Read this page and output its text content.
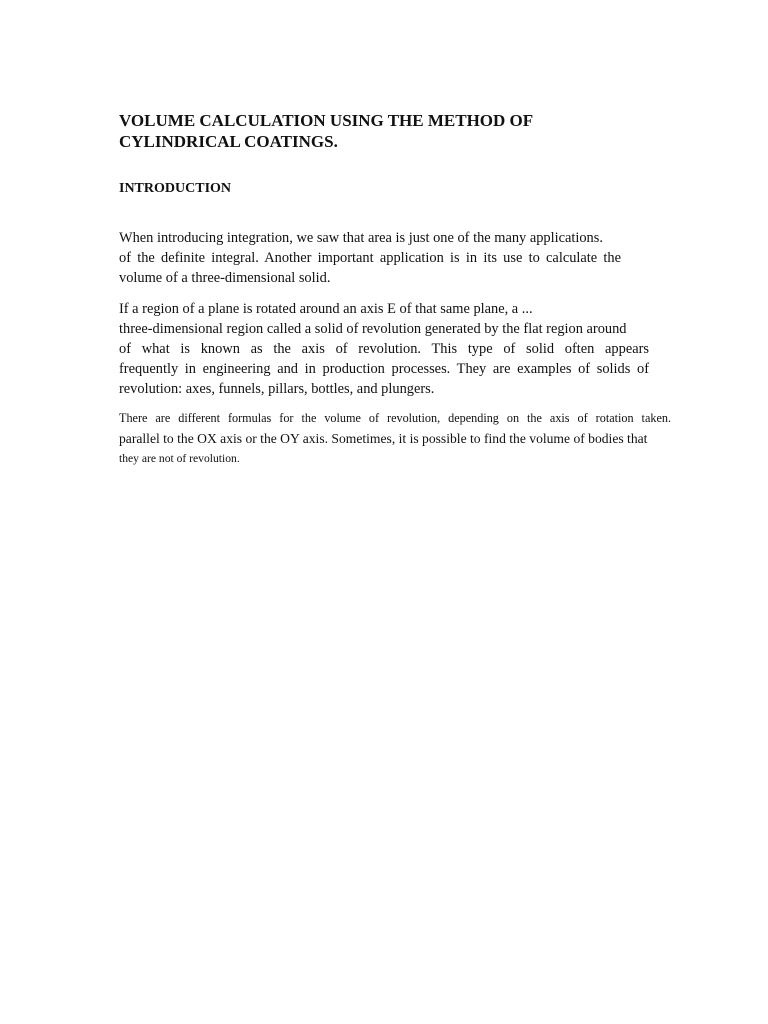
VOLUME CALCULATION USING THE METHOD OF
CYLINDRICAL COATINGS.
INTRODUCTION

When introducing integration, we saw that area is just one of the many applications.
of the definite integral. Another important application is in its use to calculate the
volume of a three-dimensional solid.

If a region of a plane is rotated around an axis E of that same plane, a ...
three-dimensional region called a solid of revolution generated by the flat region around
of what is known as the axis of revolution. This type of solid often appears
frequently in engineering and in production processes. They are examples of solids of
revolution: axes, funnels, pillars, bottles, and plungers.

There are different formulas for the volume of revolution, depending on the axis of rotation taken.
parallel to the OX axis or the OY axis. Sometimes, it is possible to find the volume of bodies that
they are not of revolution.
